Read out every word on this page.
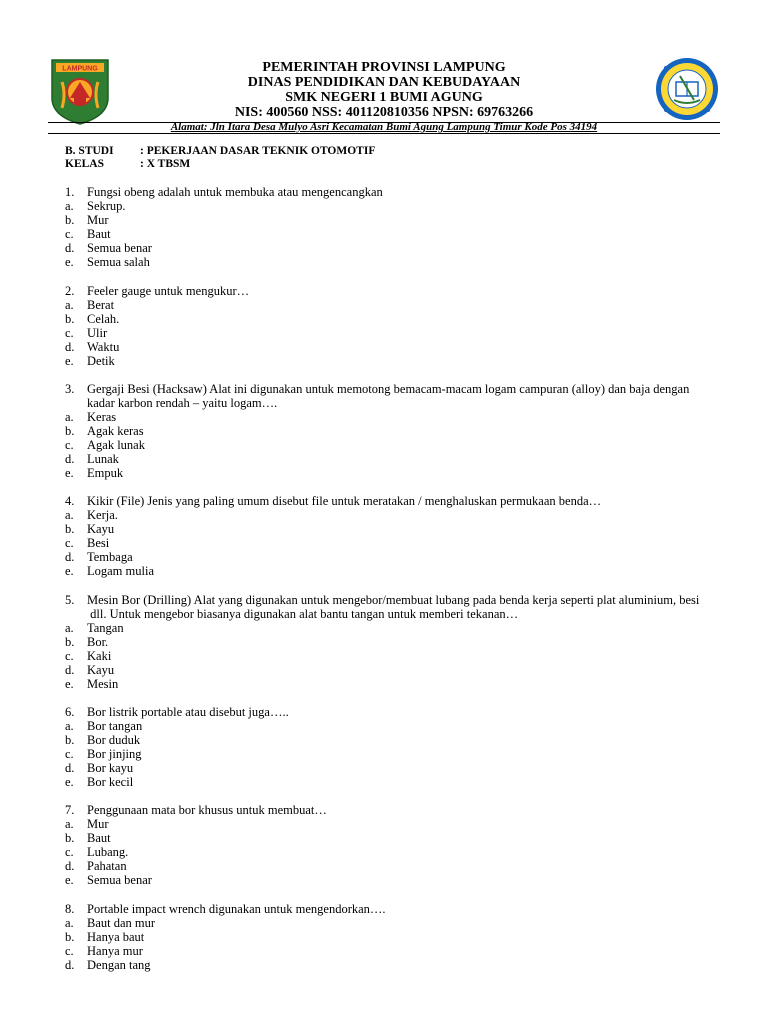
LAMPUNG	PEMERINTAH PROVINSI LAMPUNG
DINAS PENDIDIKAN DAN KEBUDAYAAN
SMK NEGERI 1 BUMI AGUNG
NIS: 400560 NSS: 401120810356 NPSN: 69763266
Alamat: Jln Itara Desa Mulyo Asri Kecamatan Bumi Agung Lampung Timur Kode Pos 34194
B. STUDI : PEKERJAAN DASAR TEKNIK OTOMOTIF
KELAS	: X TBSM
1. Fungsi obeng adalah untuk membuka atau mengencangkan
a. Sekrup.
b. Mur
c. Baut
d. Semua benar
e. Semua salah
2. Feeler gauge untuk mengukur…
a. Berat
b. Celah.
c. Ulir
d. Waktu
e. Detik
3. Gergaji Besi (Hacksaw) Alat ini digunakan untuk memotong bemacam-macam logam campuran (alloy) dan baja dengan
kadar karbon rendah – yaitu logam….
a. Keras
b. Agak keras
c. Agak lunak
d. Lunak
e. Empuk
4. Kikir (File) Jenis yang paling umum disebut file untuk meratakan / menghaluskan permukaan benda…
a. Kerja.
b. Kayu
c. Besi
d. Tembaga
e. Logam mulia
5. Mesin Bor (Drilling) Alat yang digunakan untuk mengebor/membuat lubang pada benda kerja seperti plat aluminium, besi
dll. Untuk mengebor biasanya digunakan alat bantu tangan untuk memberi tekanan…
a. Tangan
b. Bor.
c. Kaki
d. Kayu
e. Mesin
6. Bor listrik portable atau disebut juga…..
a. Bor tangan
b. Bor duduk
c. Bor jinjing
d. Bor kayu
e. Bor kecil
7. Penggunaan mata bor khusus untuk membuat…
a. Mur
b. Baut
c. Lubang.
d. Pahatan
e. Semua benar
8. Portable impact wrench digunakan untuk mengendorkan….
a. Baut dan mur
b. Hanya baut
c. Hanya mur
d. Dengan tang
